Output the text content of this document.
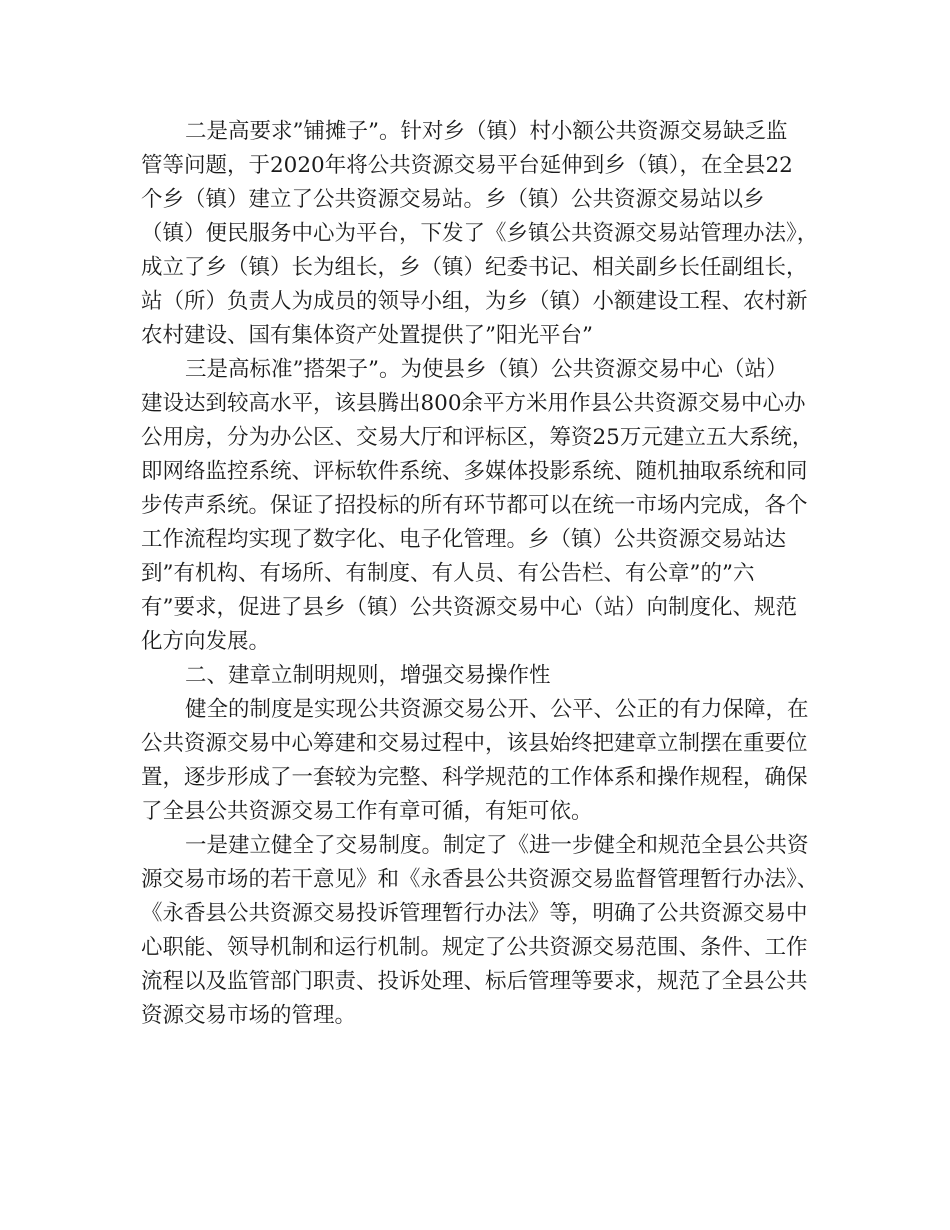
二是高要求”铺摊子”。针对乡（镇）村小额公共资源交易缺乏监
管等问题，于2020年将公共资源交易平台延伸到乡（镇），在全县22
个乡（镇）建立了公共资源交易站。乡（镇）公共资源交易站以乡
（镇）便民服务中心为平台，下发了《乡镇公共资源交易站管理办法》，
成立了乡（镇）长为组长，乡（镇）纪委书记、相关副乡长任副组长，
站（所）负责人为成员的领导小组，为乡（镇）小额建设工程、农村新
农村建设、国有集体资产处置提供了”阳光平台”
三是高标准”搭架子”。为使县乡（镇）公共资源交易中心（站）
建设达到较高水平，该县腾出800余平方米用作县公共资源交易中心办
公用房，分为办公区、交易大厅和评标区，筹资25万元建立五大系统，
即网络监控系统、评标软件系统、多媒体投影系统、随机抽取系统和同
步传声系统。保证了招投标的所有环节都可以在统一市场内完成，各个
工作流程均实现了数字化、电子化管理。乡（镇）公共资源交易站达
到”有机构、有场所、有制度、有人员、有公告栏、有公章”的”六
有”要求，促进了县乡（镇）公共资源交易中心（站）向制度化、规范
化方向发展。
二、建章立制明规则，增强交易操作性
健全的制度是实现公共资源交易公开、公平、公正的有力保障，在
公共资源交易中心筹建和交易过程中，该县始终把建章立制摆在重要位
置，逐步形成了一套较为完整、科学规范的工作体系和操作规程，确保
了全县公共资源交易工作有章可循，有矩可依。
一是建立健全了交易制度。制定了《进一步健全和规范全县公共资
源交易市场的若干意见》和《永香县公共资源交易监督管理暂行办法》、
《永香县公共资源交易投诉管理暂行办法》等，明确了公共资源交易中
心职能、领导机制和运行机制。规定了公共资源交易范围、条件、工作
流程以及监管部门职责、投诉处理、标后管理等要求，规范了全县公共
资源交易市场的管理。
